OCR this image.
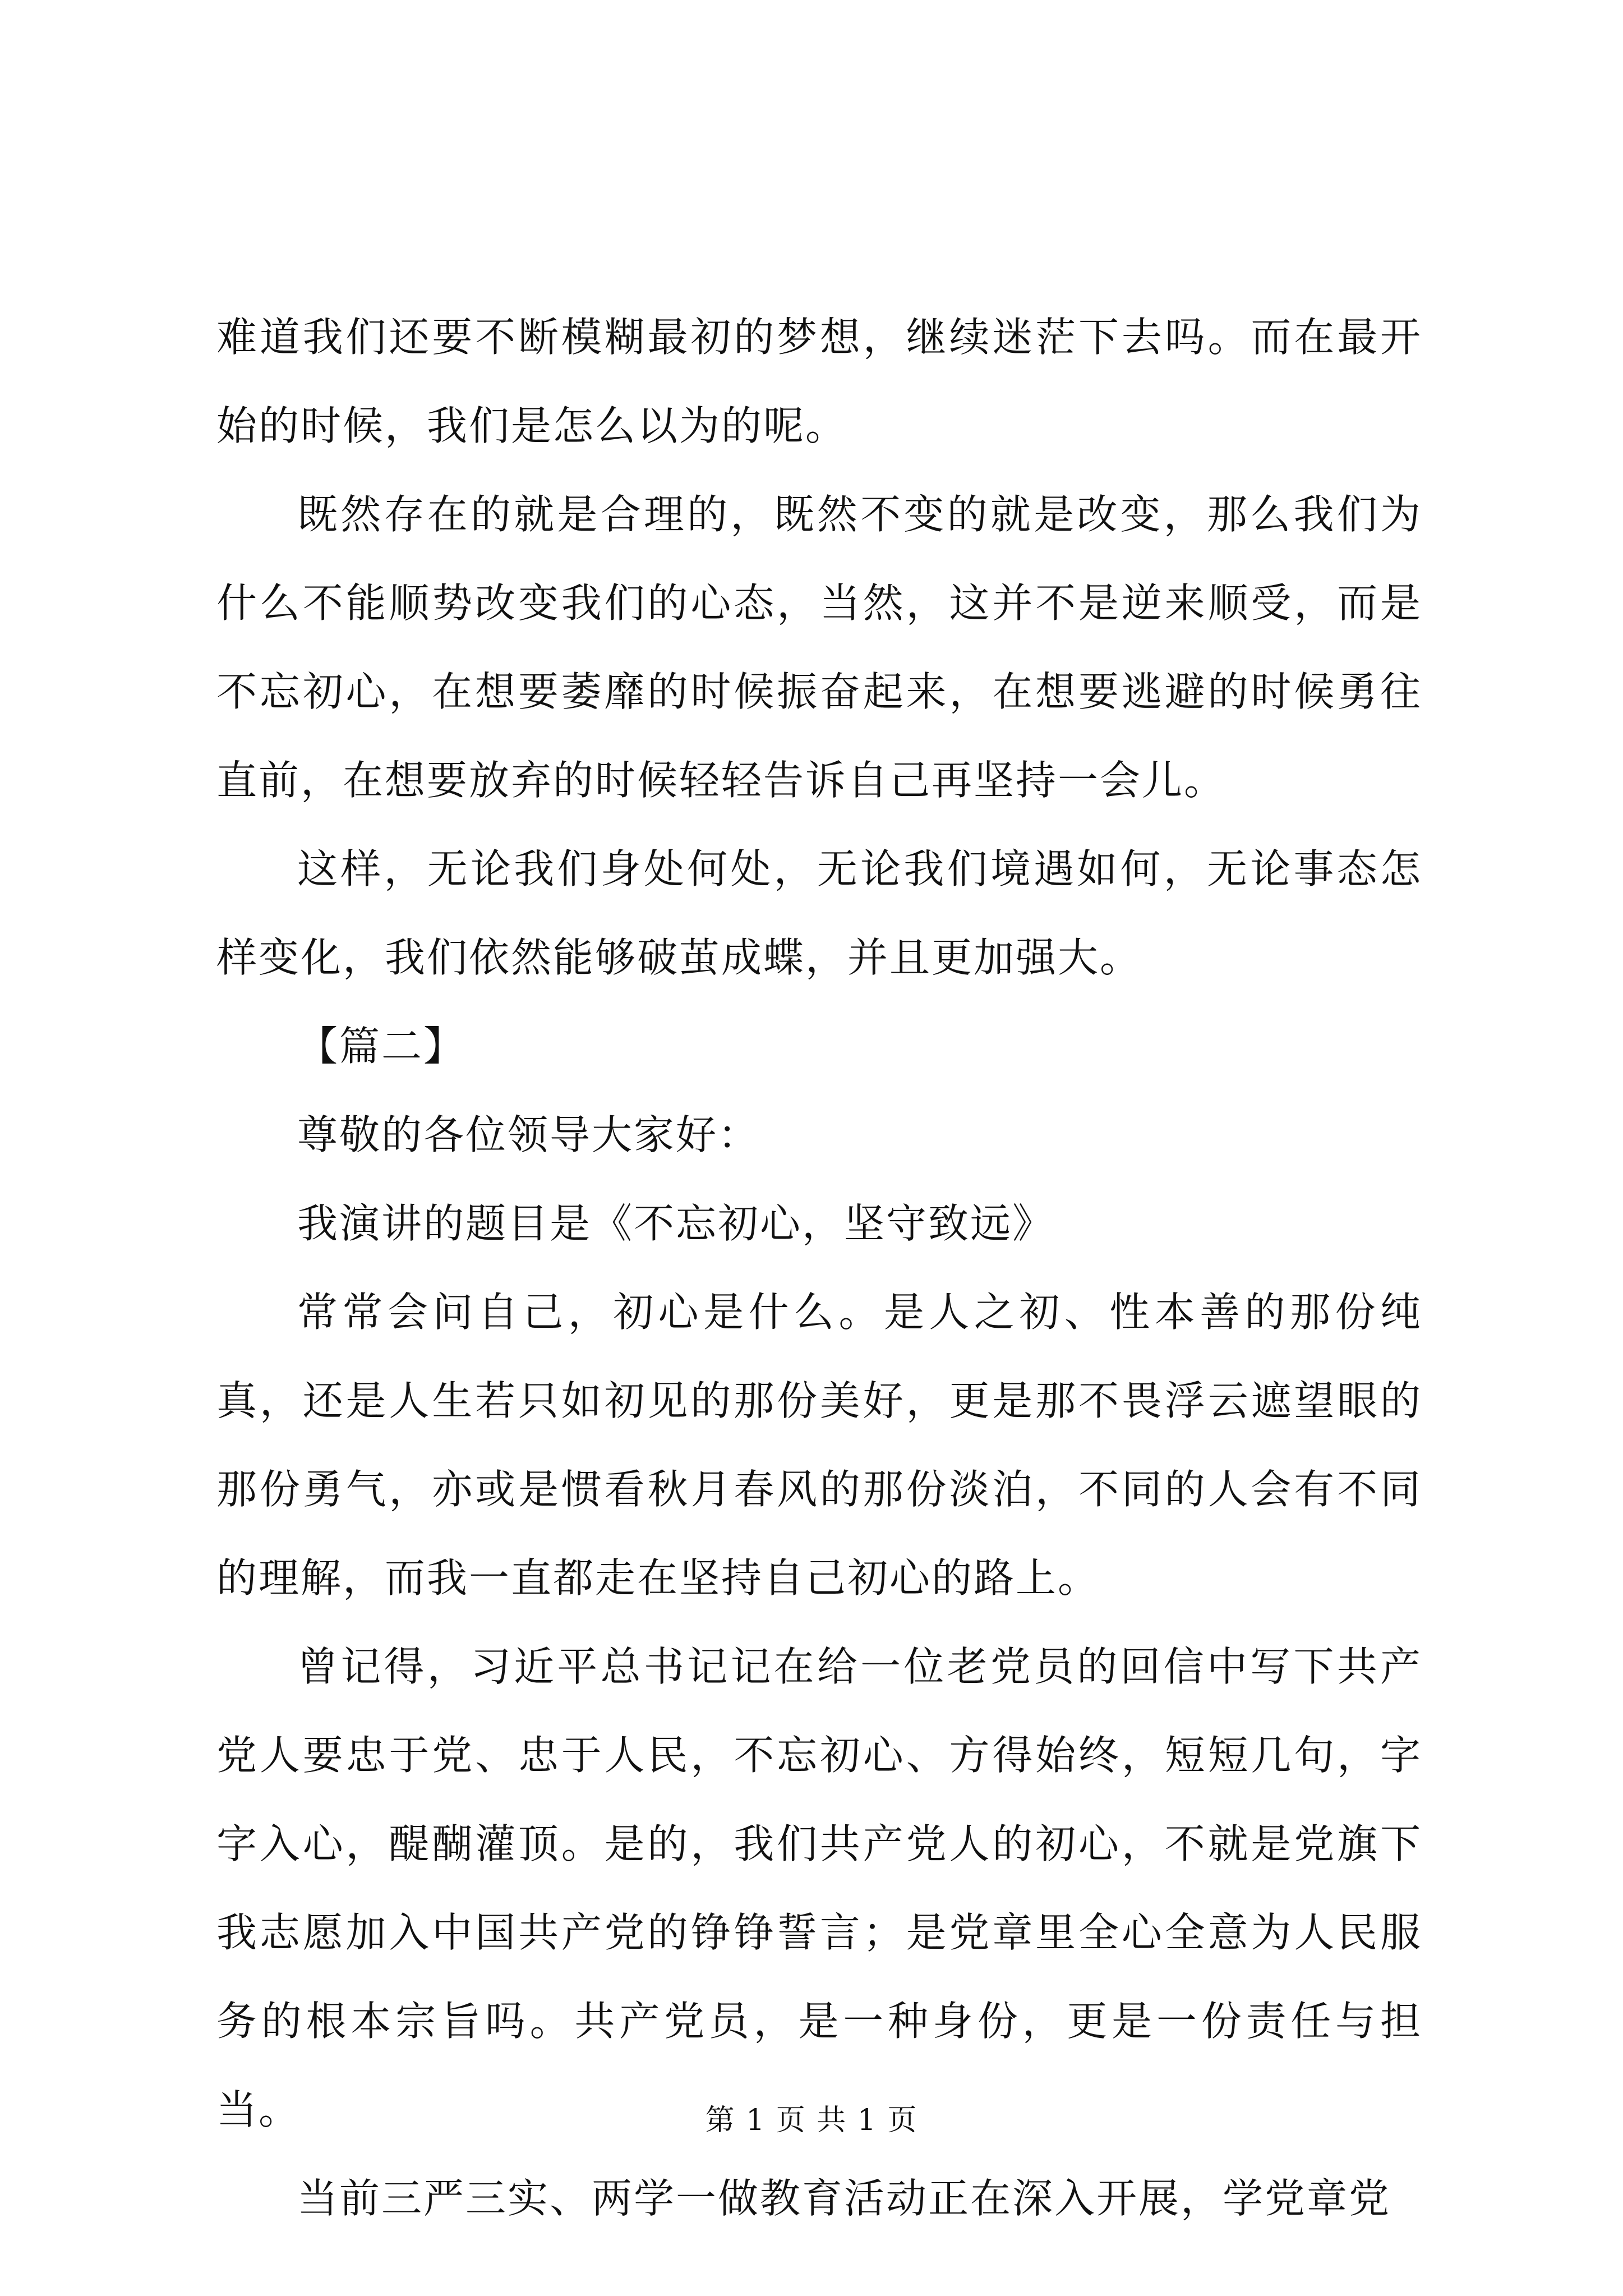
难道我们还要不断模糊最初的梦想，继续迷茫下去吗。而在最开始的时候，我们是怎么以为的呢。

既然存在的就是合理的，既然不变的就是改变，那么我们为什么不能顺势改变我们的心态，当然，这并不是逆来顺受，而是不忘初心，在想要萎靡的时候振奋起来，在想要逃避的时候勇往直前，在想要放弃的时候轻轻告诉自己再坚持一会儿。

这样，无论我们身处何处，无论我们境遇如何，无论事态怎样变化，我们依然能够破茧成蝶，并且更加强大。

【篇二】

尊敬的各位领导大家好：

我演讲的题目是《不忘初心，坚守致远》

常常会问自己，初心是什么。是人之初、性本善的那份纯真，还是人生若只如初见的那份美好，更是那不畏浮云遮望眼的那份勇气，亦或是惯看秋月春风的那份淡泊，不同的人会有不同的理解，而我一直都走在坚持自己初心的路上。

曾记得，习近平总书记记在给一位老党员的回信中写下共产党人要忠于党、忠于人民，不忘初心、方得始终，短短几句，字字入心，醍醐灌顶。是的，我们共产党人的初心，不就是党旗下我志愿加入中国共产党的铮铮誓言；是党章里全心全意为人民服务的根本宗旨吗。共产党员，是一种身份，更是一份责任与担当。

当前三严三实、两学一做教育活动正在深入开展，学党章党

第 1 页 共 1 页
